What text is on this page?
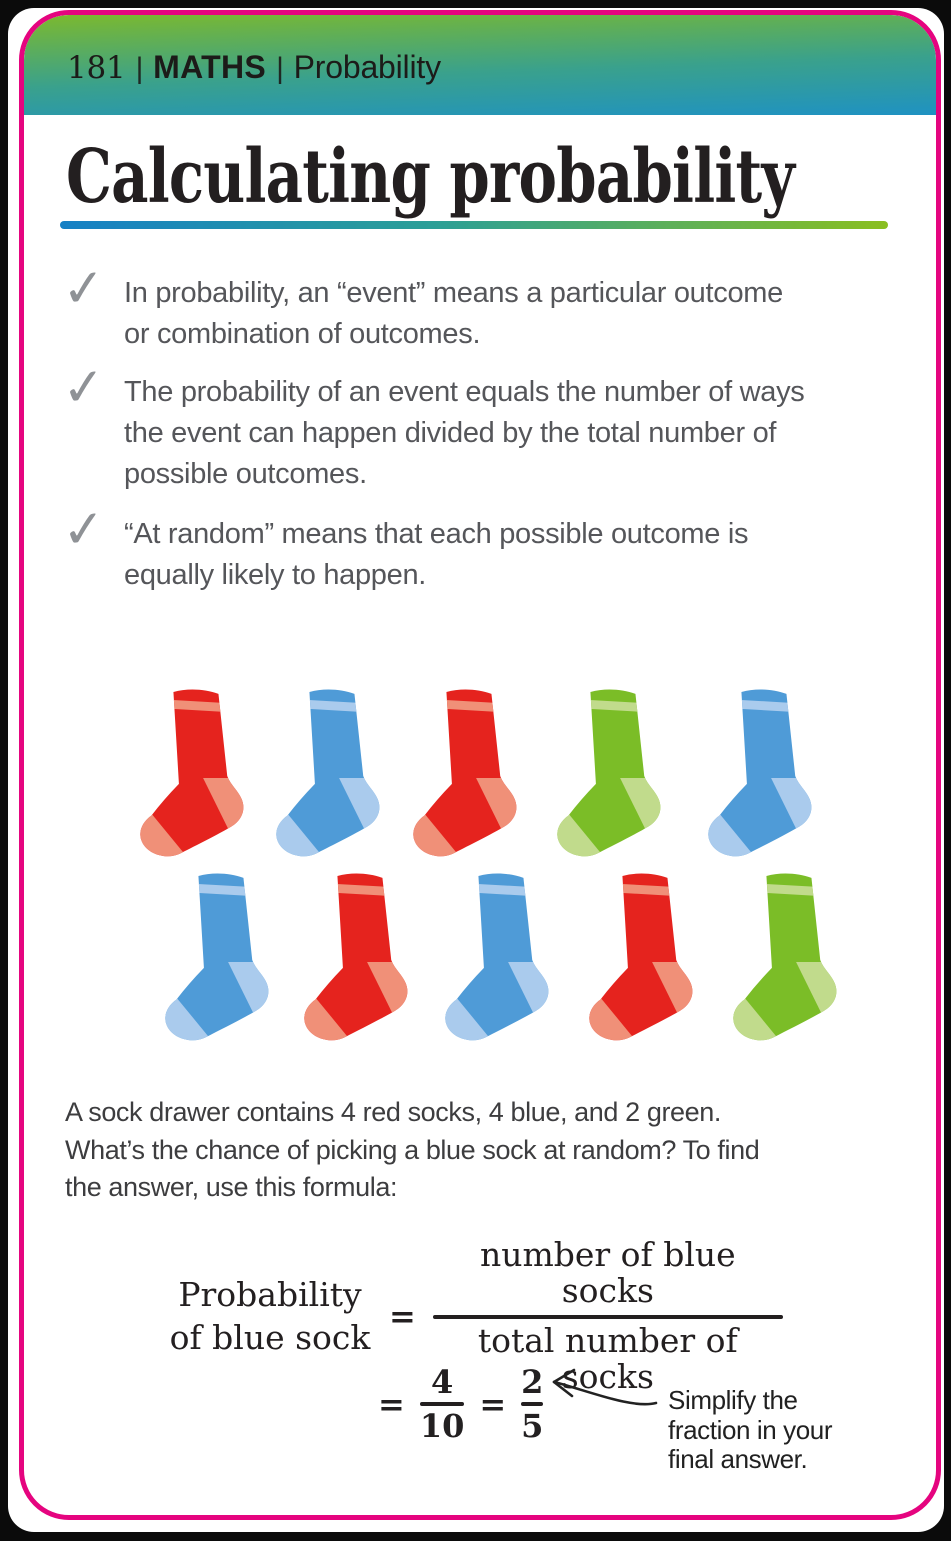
181 | MATHS | Probability
Calculating probability
✓ In probability, an “event” means a particular outcome
or combination of outcomes.
✓ The probability of an event equals the number of ways
the event can happen divided by the total number of
possible outcomes.
✓ “At random” means that each possible outcome is
equally likely to happen.
A sock drawer contains 4 red socks, 4 blue, and 2 green.
What’s the chance of picking a blue sock at random? To find
the answer, use this formula:
Probability
of blue sock
=
number of blue socks
total number of socks
=
4
10
=
2
5
Simplify the
fraction in your
final answer.
